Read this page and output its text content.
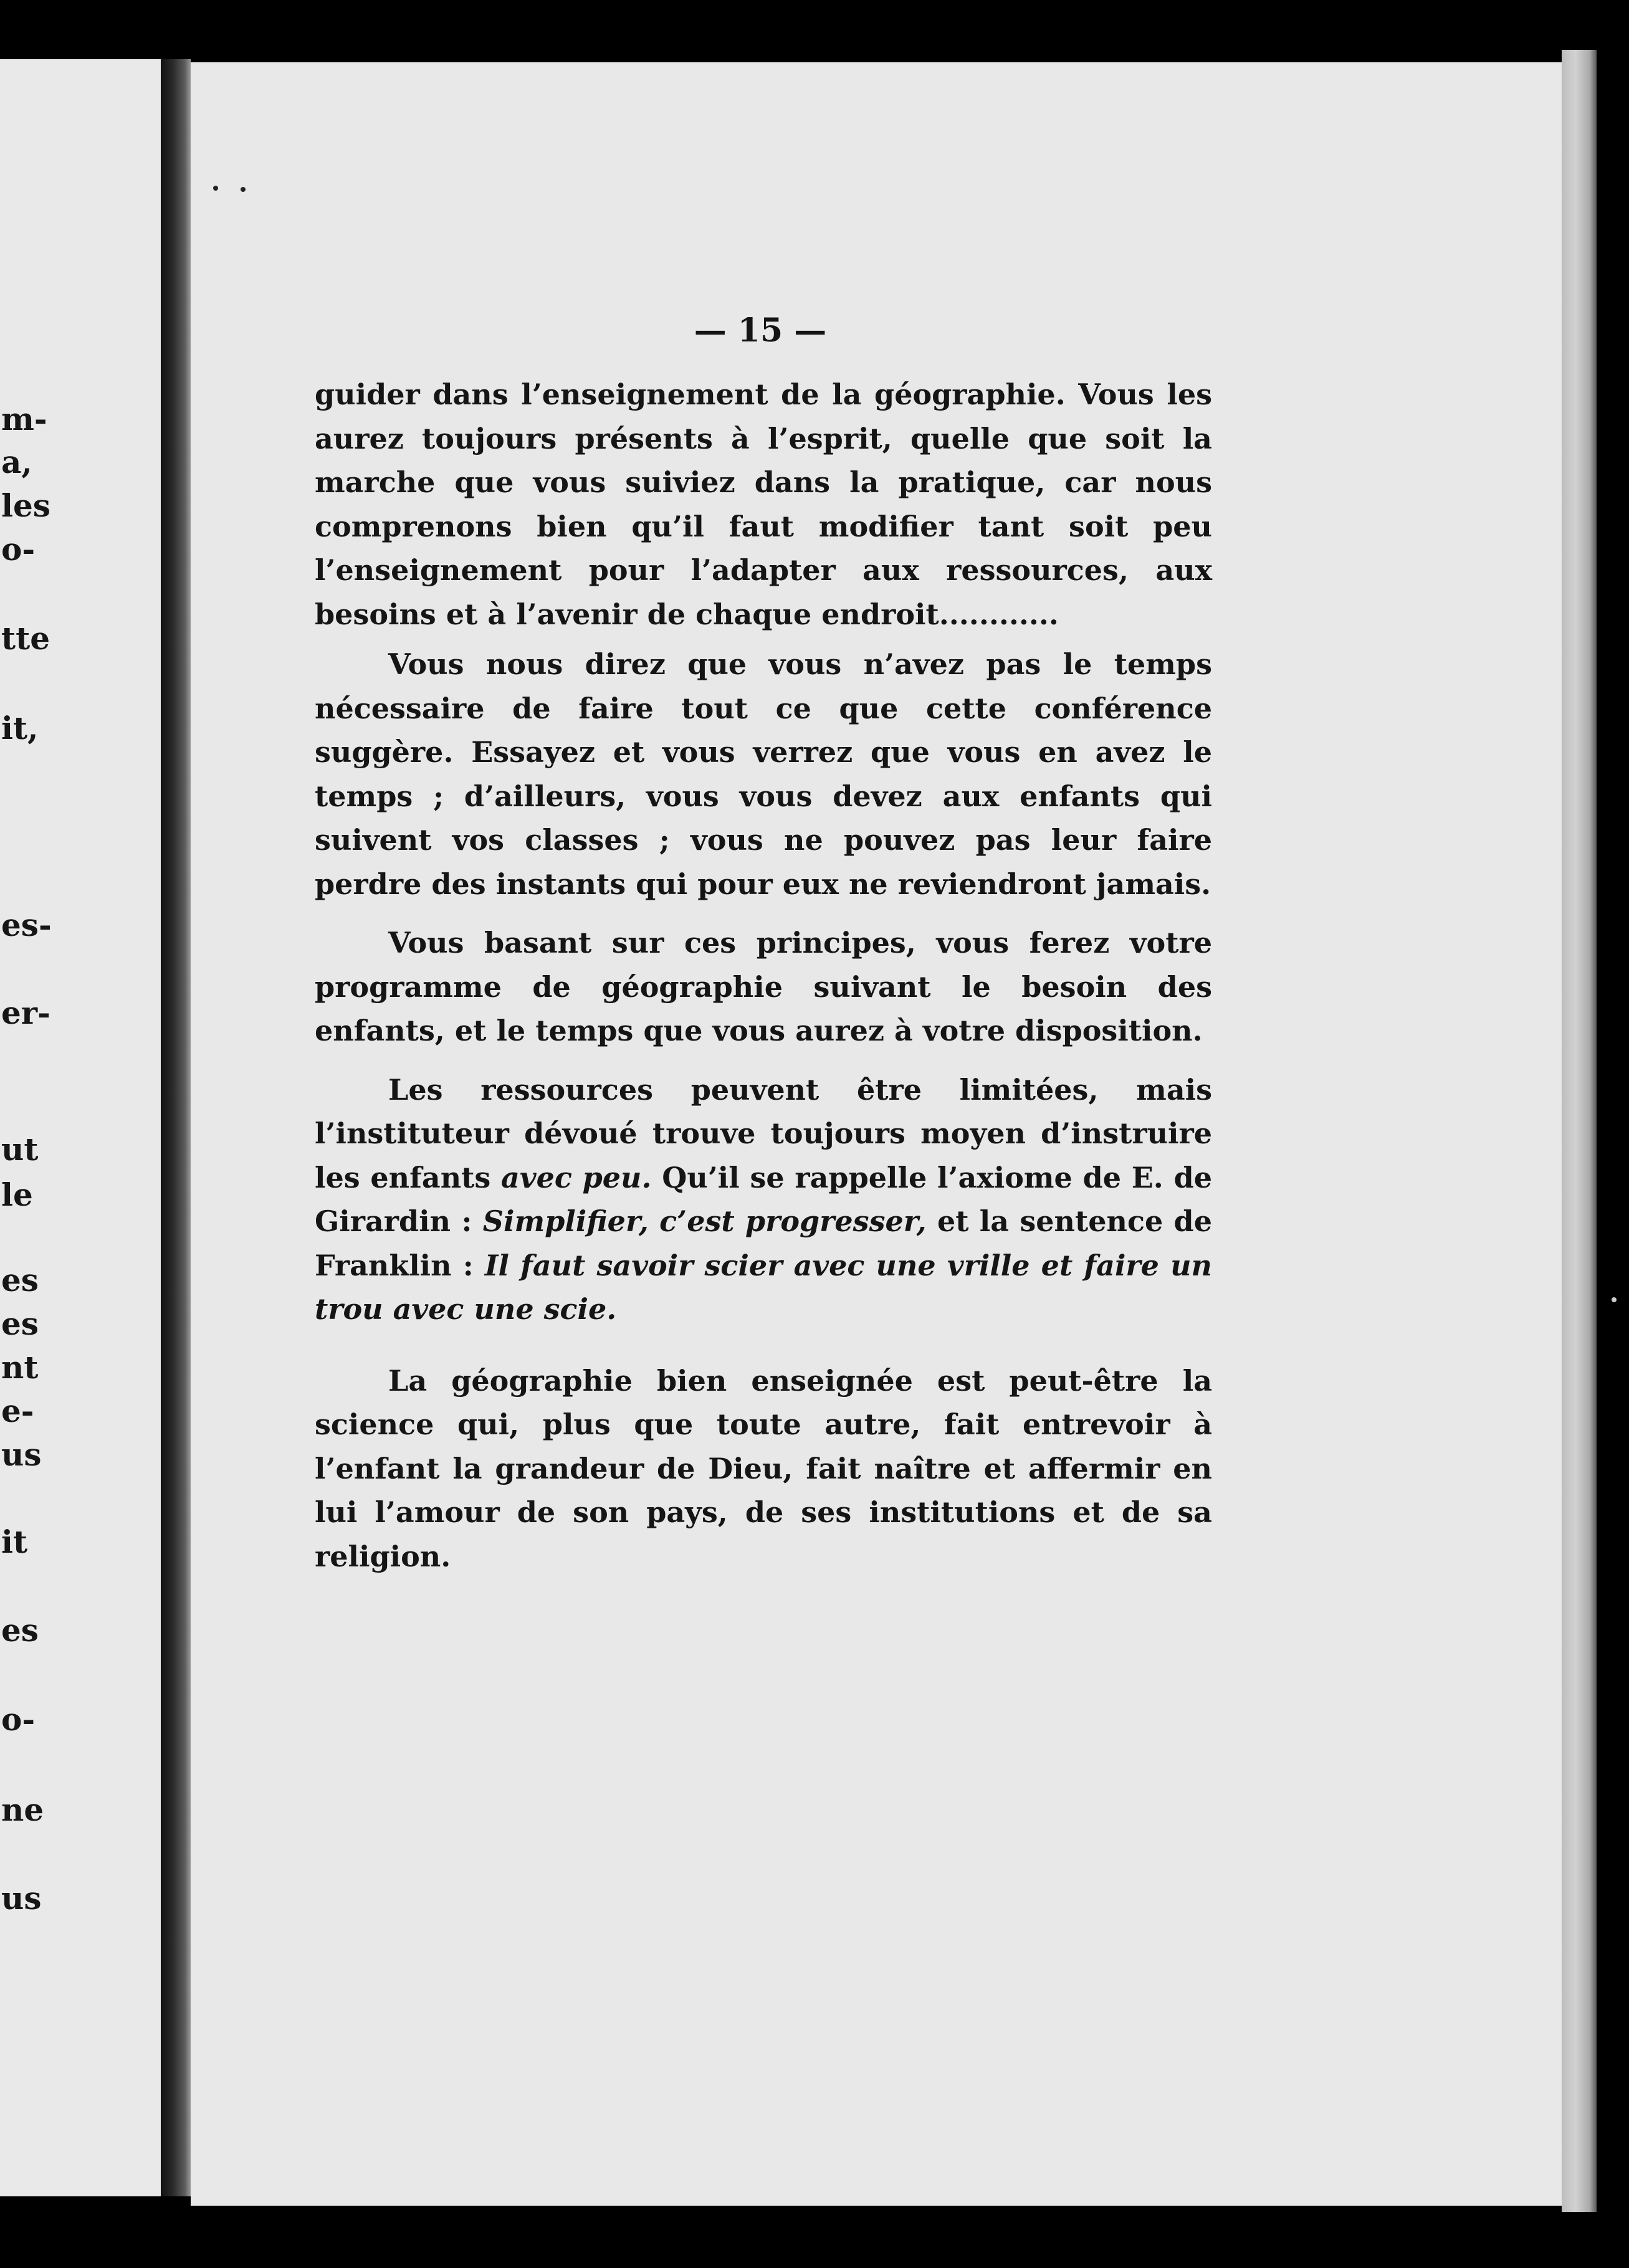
m-
a,
les
o-
tte
it,
es-
er-
ut
le
es
es
nt
e-
us
it
es
o-
ne
us
— 15 —

guider dans l’enseignement de la géographie. Vous les aurez toujours présents à l’esprit, quelle que soit la marche que vous suiviez dans la pratique, car nous comprenons bien qu’il faut modifier tant soit peu l’enseignement pour l’adapter aux ressources, aux besoins et à l’avenir de chaque endroit............

Vous nous direz que vous n’avez pas le temps nécessaire de faire tout ce que cette conférence suggère. Essayez et vous verrez que vous en avez le temps ; d’ailleurs, vous vous devez aux enfants qui suivent vos classes ; vous ne pouvez pas leur faire perdre des instants qui pour eux ne reviendront jamais.

Vous basant sur ces principes, vous ferez votre programme de géographie suivant le besoin des enfants, et le temps que vous aurez à votre disposition.

Les ressources peuvent être limitées, mais l’instituteur dévoué trouve toujours moyen d’instruire les enfants avec peu. Qu’il se rappelle l’axiome de E. de Girardin : Simplifier, c’est progresser, et la sentence de Franklin : Il faut savoir scier avec une vrille et faire un trou avec une scie.

La géographie bien enseignée est peut-être la science qui, plus que toute autre, fait entrevoir à l’enfant la grandeur de Dieu, fait naître et affermir en lui l’amour de son pays, de ses institutions et de sa religion.
